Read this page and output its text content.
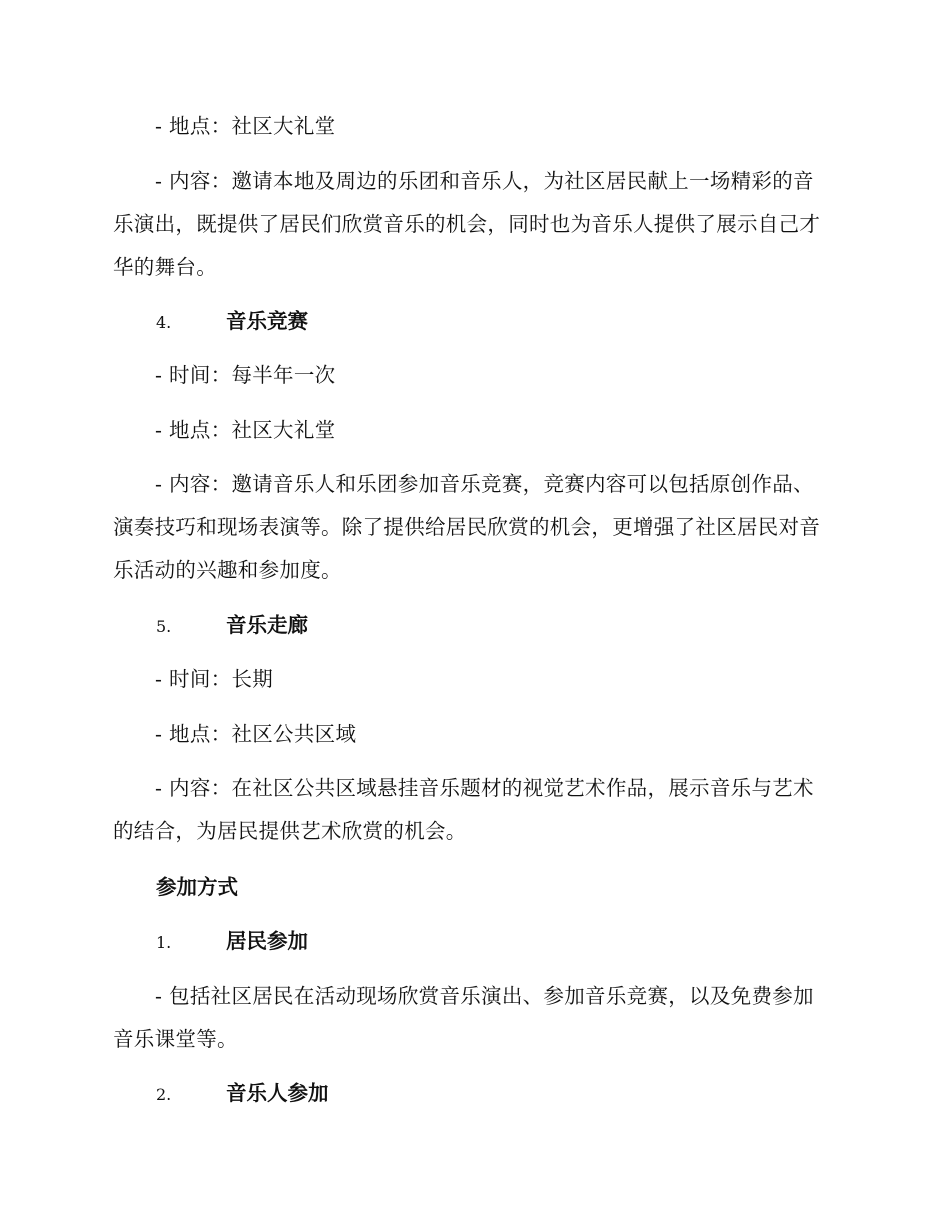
- 地点：社区大礼堂

- 内容：邀请本地及周边的乐团和音乐人，为社区居民献上一场精彩的音乐演出，既提供了居民们欣赏音乐的机会，同时也为音乐人提供了展示自己才华的舞台。

4.	音乐竞赛

- 时间：每半年一次

- 地点：社区大礼堂

- 内容：邀请音乐人和乐团参加音乐竞赛，竞赛内容可以包括原创作品、演奏技巧和现场表演等。除了提供给居民欣赏的机会，更增强了社区居民对音乐活动的兴趣和参加度。

5.	音乐走廊

- 时间：长期

- 地点：社区公共区域

- 内容：在社区公共区域悬挂音乐题材的视觉艺术作品，展示音乐与艺术的结合，为居民提供艺术欣赏的机会。

参加方式

1.	居民参加

- 包括社区居民在活动现场欣赏音乐演出、参加音乐竞赛，以及免费参加音乐课堂等。

2.	音乐人参加
